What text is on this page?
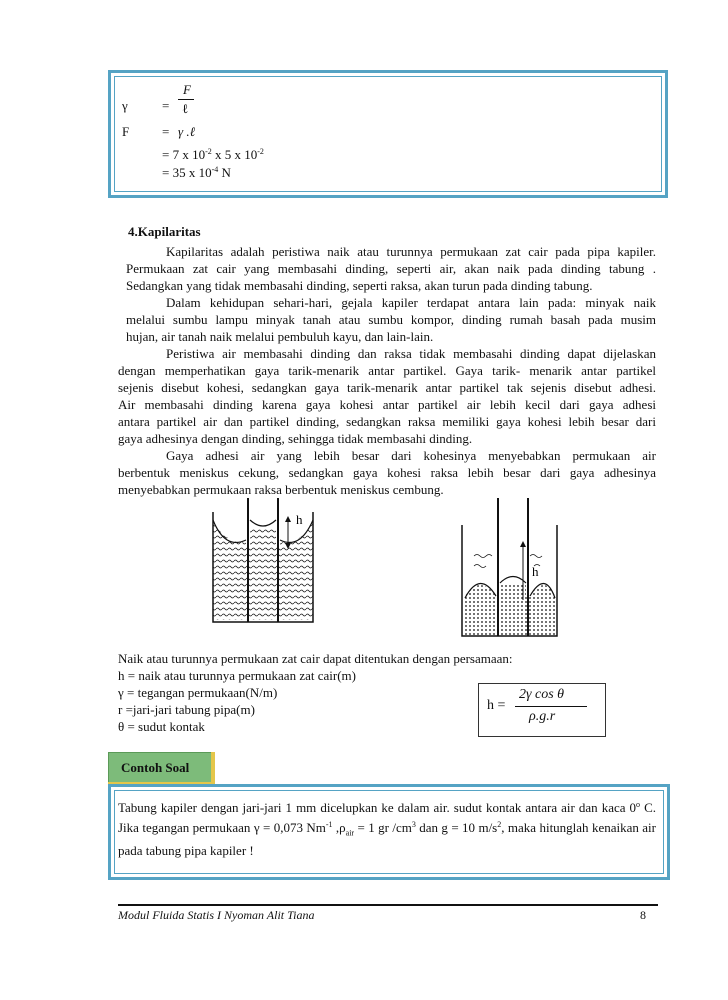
γ	=
F
ℓ
F	= γ .ℓ
= 7 x $10^{-2}$ x 5 x $10^{-2}$
= 35 x $10^{-4}$ N
4.Kapilaritas
Kapilaritas adalah peristiwa naik atau turunnya permukaan zat cair pada pipa kapiler.
Permukaan zat cair yang membasahi dinding, seperti air, akan naik pada dinding tabung .
Sedangkan yang tidak membasahi dinding, seperti raksa, akan turun pada dinding tabung.
Dalam kehidupan sehari-hari, gejala kapiler terdapat antara lain pada: minyak naik
melalui sumbu lampu minyak tanah atau sumbu kompor, dinding rumah basah pada musim
hujan, air tanah naik melalui pembuluh kayu, dan lain-lain.
Peristiwa air membasahi dinding dan raksa tidak membasahi dinding dapat dijelaskan
dengan memperhatikan gaya tarik-menarik antar partikel. Gaya tarik- menarik antar partikel
sejenis disebut kohesi, sedangkan gaya tarik-menarik antar partikel tak sejenis disebut adhesi.
Air membasahi dinding karena gaya kohesi antar partikel air lebih kecil dari gaya adhesi
antara partikel air dan partikel dinding, sedangkan raksa memiliki gaya kohesi lebih besar dari
gaya adhesinya dengan dinding, sehingga tidak membasahi dinding.
Gaya adhesi air yang lebih besar dari kohesinya menyebabkan permukaan air
berbentuk meniskus cekung, sedangkan gaya kohesi raksa lebih besar dari gaya adhesinya
menyebabkan permukaan raksa berbentuk meniskus cembung.
h
h
Naik atau turunnya permukaan zat cair dapat ditentukan dengan persamaan:
h = naik atau turunnya permukaan zat cair(m)
γ = tegangan permukaan(N/m)
r =jari-jari tabung pipa(m)
θ = sudut kontak
h =
2γ cos θ
ρ.g.r
Contoh Soal
Tabung kapiler dengan jari-jari 1 mm dicelupkan ke dalam air. sudut kontak antara air dan kaca 0$^o$ C. Jika tegangan permukaan γ = 0,073 $Nm^{-1}$ $,\rho_{air} = 1$ gr $/cm^3$ dan g = 10 $m/s^2$, maka hitunglah kenaikan air pada tabung pipa kapiler !
Modul Fluida Statis I Nyoman Alit Tiana	8
